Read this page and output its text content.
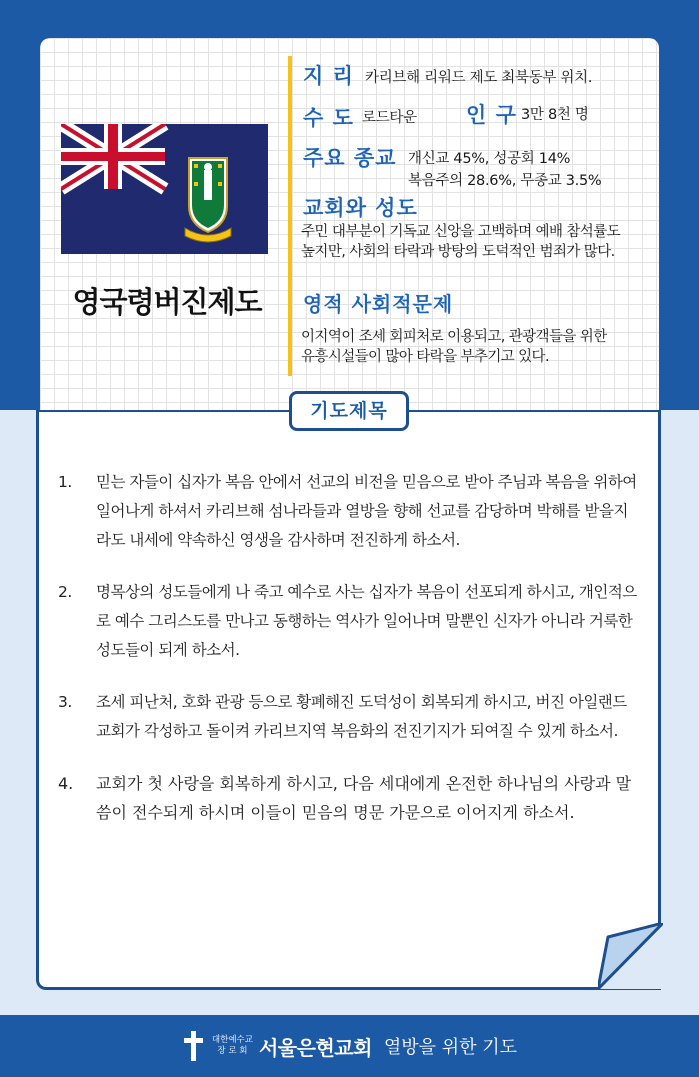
영국령버진제도
지 리 카리브해 리워드 제도 최북동부 위치.
수 도 로드타운 인 구 3만 8천 명
주요 종교 개신교 45%, 성공회 14%
복음주의 28.6%, 무종교 3.5%
교회와 성도
주민 대부분이 기독교 신앙을 고백하며 예배 참석률도
높지만, 사회의 타락과 방탕의 도덕적인 범죄가 많다.
영적 사회적문제
이지역이 조세 회피처로 이용되고, 관광객들을 위한
유흥시설들이 많아 타락을 부추기고 있다.
기도제목
1.	믿는 자들이 십자가 복음 안에서 선교의 비전을 믿음으로 받아 주님과 복음을 위하여 일어나게 하셔서 카리브해 섬나라들과 열방을 향해 선교를 감당하며 박해를 받을지라도 내세에 약속하신 영생을 감사하며 전진하게 하소서.
2.	명목상의 성도들에게 나 죽고 예수로 사는 십자가 복음이 선포되게 하시고, 개인적으로 예수 그리스도를 만나고 동행하는 역사가 일어나며 말뿐인 신자가 아니라 거룩한 성도들이 되게 하소서.
3.	조세 피난처, 호화 관광 등으로 황폐해진 도덕성이 회복되게 하시고, 버진 아일랜드 교회가 각성하고 돌이켜 카리브지역 복음화의 전진기지가 되여질 수 있게 하소서.
4.	교회가 첫 사랑을 회복하게 하시고, 다음 세대에게 온전한 하나님의 사랑과 말씀이 전수되게 하시며 이들이 믿음의 명문 가문으로 이어지게 하소서.
대한예수교
장 로 회 서울은현교회 열방을 위한 기도
